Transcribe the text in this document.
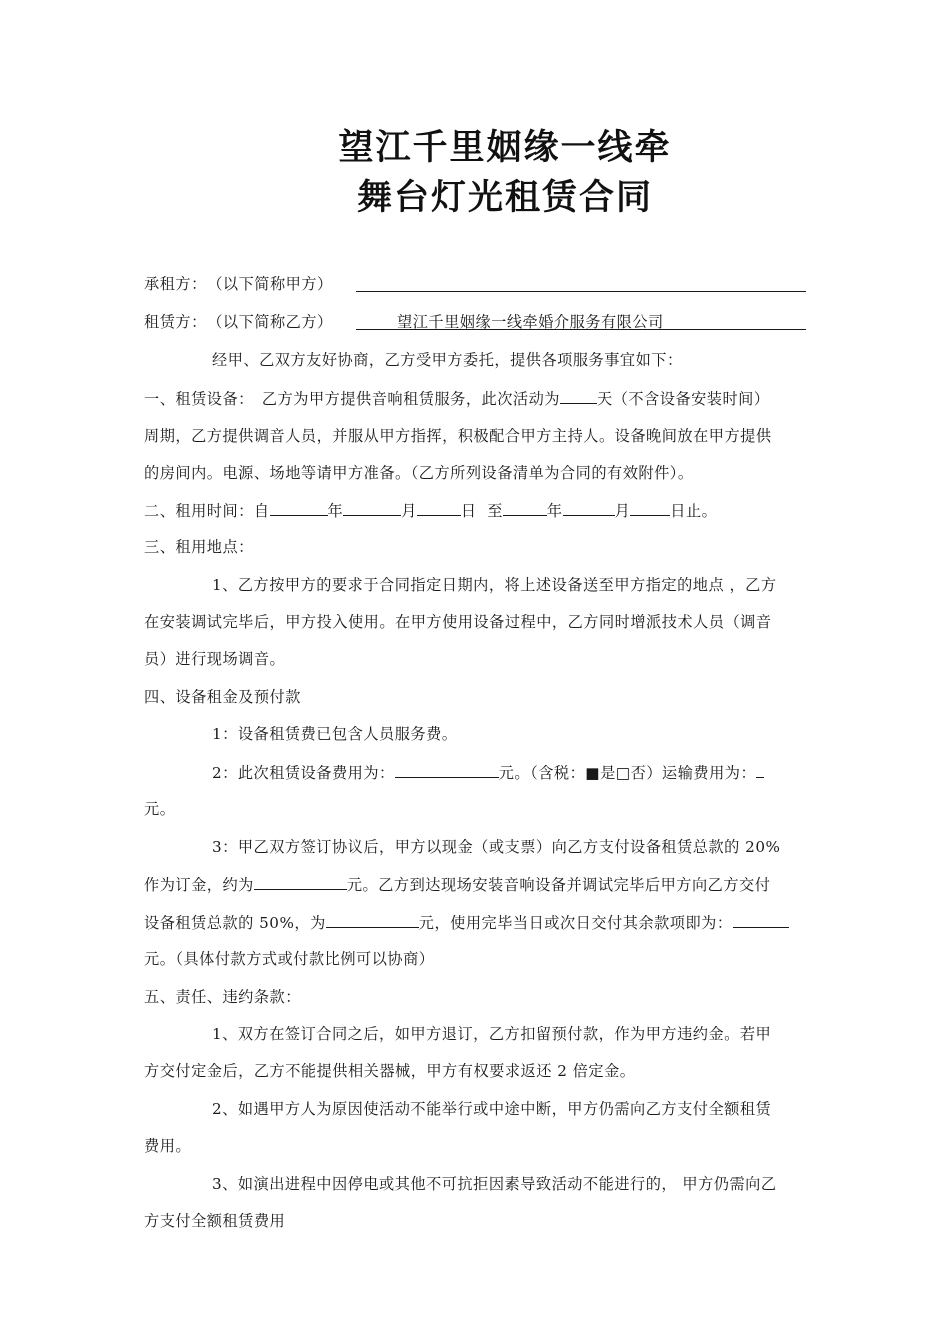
望江千里姻缘一线牵
舞台灯光租赁合同
承租方：　（以下简称甲方）
租赁方：　（以下简称乙方）	望江千里姻缘一线牵婚介服务有限公司
经甲、乙双方友好协商，乙方受甲方委托，提供各项服务事宜如下：
一、租赁设备：　乙方为甲方提供音响租赁服务，此次活动为 天（不含设备安装时间）
周期，乙方提供调音人员，并服从甲方指挥，积极配合甲方主持人。设备晚间放在甲方提供
的房间内。电源、场地等请甲方准备。（乙方所列设备清单为合同的有效附件）。
二、租用时间：自	年	月	日 至	年	月	日止。
三、租用地点：
1、乙方按甲方的要求于合同指定日期内，将上述设备送至甲方指定的地点 ，乙方
在安装调试完毕后，甲方投入使用。在甲方使用设备过程中，乙方同时增派技术人员（调音
员）进行现场调音。
四、设备租金及预付款
1：设备租赁费已包含人员服务费。
2：此次租赁设备费用为：	元。（含税：■是□否）运输费用为：
元。
3：甲乙双方签订协议后，甲方以现金（或支票）向乙方支付设备租赁总款的 20%
作为订金，约为	元。乙方到达现场安装音响设备并调试完毕后甲方向乙方交付
设备租赁总款的 50%，为	元，使用完毕当日或次日交付其余款项即为：
元。（具体付款方式或付款比例可以协商）
五、责任、违约条款：
1、双方在签订合同之后，如甲方退订，乙方扣留预付款，作为甲方违约金。若甲
方交付定金后，乙方不能提供相关器械，甲方有权要求返还 2 倍定金。
2、如遇甲方人为原因使活动不能举行或中途中断，甲方仍需向乙方支付全额租赁
费用。
3、如演出进程中因停电或其他不可抗拒因素导致活动不能进行的， 甲方仍需向乙
方支付全额租赁费用
